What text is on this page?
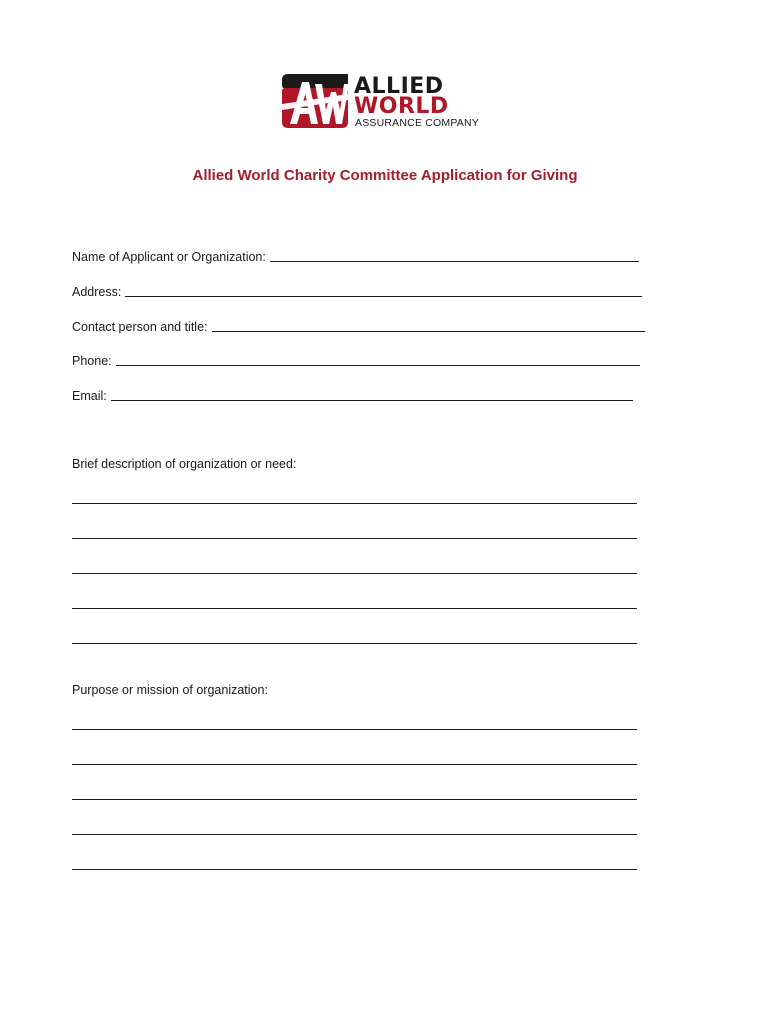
ALLIED
WORLD
ASSURANCE COMPANY
Allied World Charity Committee Application for Giving
Name of Applicant or Organization:
Address:
Contact person and title:
Phone:
Email:
Brief description of organization or need:
Purpose or mission of organization:
